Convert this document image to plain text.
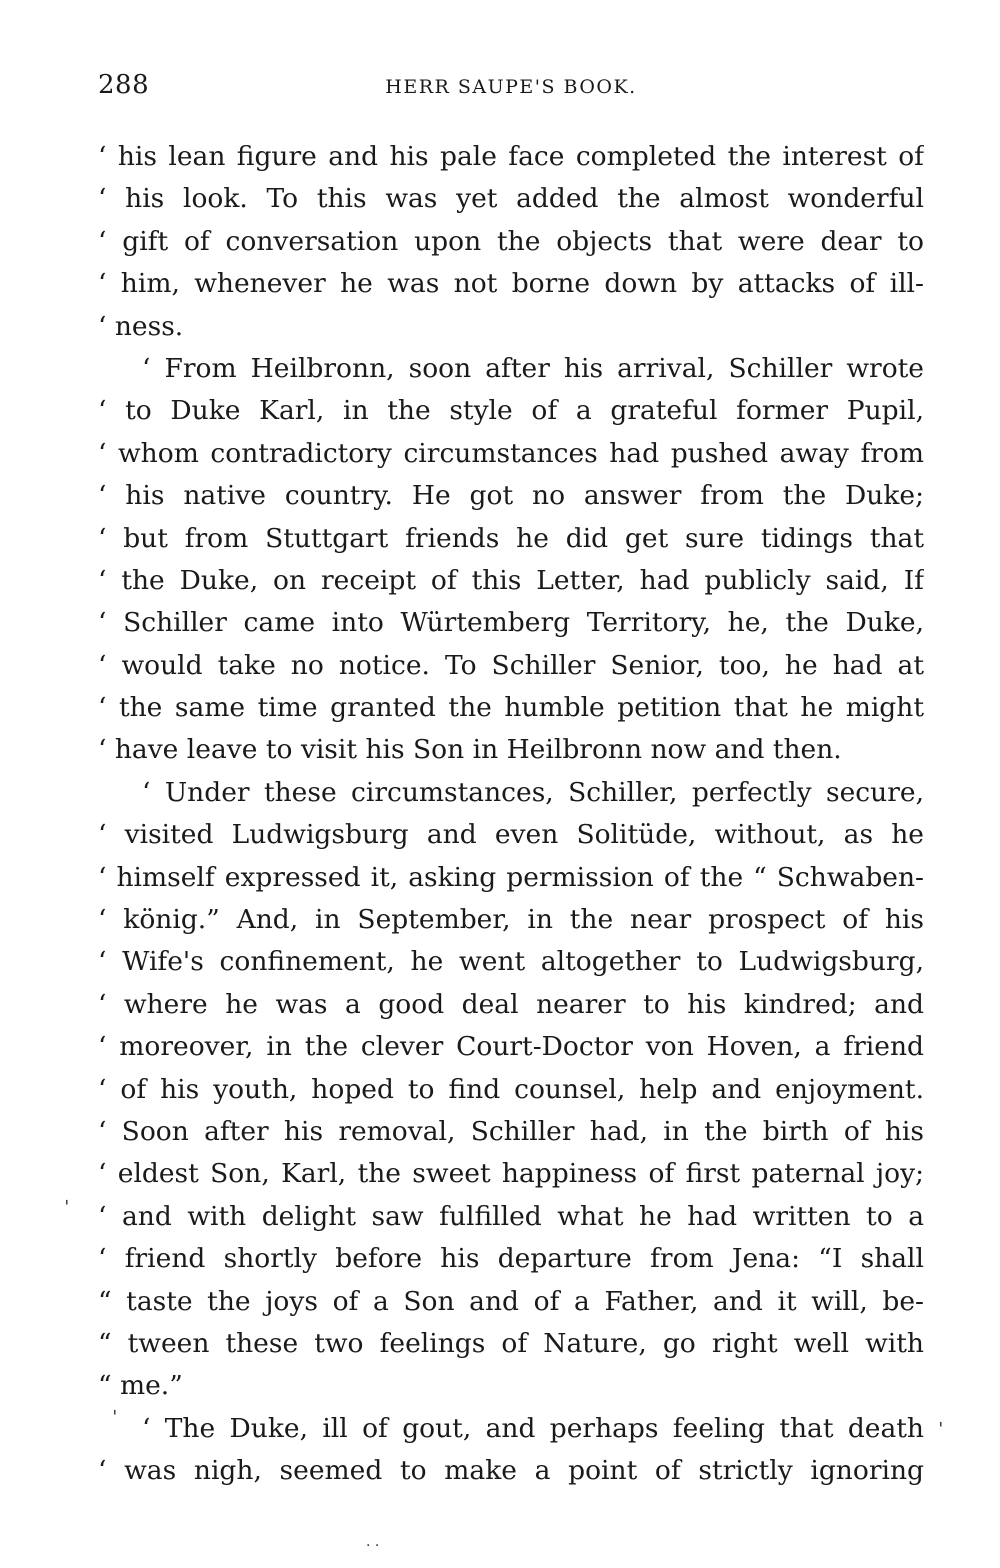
288	HERR SAUPE'S BOOK.
‘ his lean figure and his pale face completed the interest of
‘ his look. To this was yet added the almost wonderful
‘ gift of conversation upon the objects that were dear to
‘ him, whenever he was not borne down by attacks of ill-
‘ ness.
‘ From Heilbronn, soon after his arrival, Schiller wrote
‘ to Duke Karl, in the style of a grateful former Pupil,
‘ whom contradictory circumstances had pushed away from
‘ his native country. He got no answer from the Duke;
‘ but from Stuttgart friends he did get sure tidings that
‘ the Duke, on receipt of this Letter, had publicly said, If
‘ Schiller came into Würtemberg Territory, he, the Duke,
‘ would take no notice. To Schiller Senior, too, he had at
‘ the same time granted the humble petition that he might
‘ have leave to visit his Son in Heilbronn now and then.
‘ Under these circumstances, Schiller, perfectly secure,
‘ visited Ludwigsburg and even Solitüde, without, as he
‘ himself expressed it, asking permission of the “ Schwaben-
‘ könig.” And, in September, in the near prospect of his
‘ Wife's confinement, he went altogether to Ludwigsburg,
‘ where he was a good deal nearer to his kindred; and
‘ moreover, in the clever Court-Doctor von Hoven, a friend
‘ of his youth, hoped to find counsel, help and enjoyment.
‘ Soon after his removal, Schiller had, in the birth of his
‘ eldest Son, Karl, the sweet happiness of first paternal joy;
‘ and with delight saw fulfilled what he had written to a
‘ friend shortly before his departure from Jena: “I shall
“ taste the joys of a Son and of a Father, and it will, be-
“ tween these two feelings of Nature, go right well with
“ me.”
‘ The Duke, ill of gout, and perhaps feeling that death
‘ was nigh, seemed to make a point of strictly ignoring
ˈ
ˈ	ˈ
· ·
